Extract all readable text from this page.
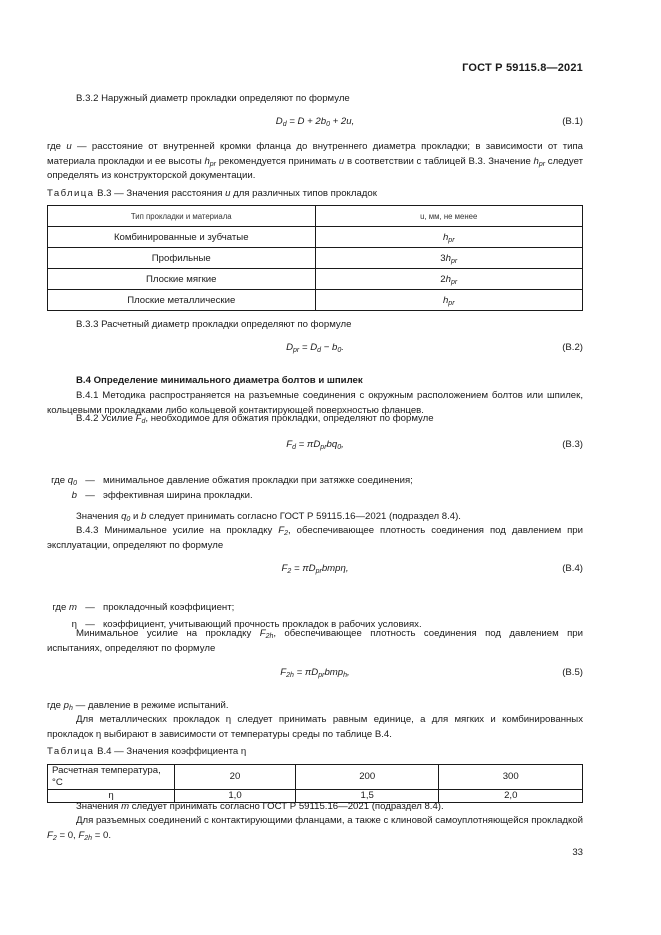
ГОСТ Р 59115.8—2021
В.3.2 Наружный диаметр прокладки определяют по формуле
$D_d = D + 2b_0 + 2u$,	(В.1)
где u — расстояние от внутренней кромки фланца до внутреннего диаметра прокладки; в зависимости от типа материала прокладки и ее высоты $h_{pr}$ рекомендуется принимать u в соответствии с таблицей В.3. Значение $h_{pr}$ следует определять из конструкторской документации.
Таблица В.3 — Значения расстояния u для различных типов прокладок
Тип прокладки и материала	u, мм, не менее
Комбинированные и зубчатые	$h_{pr}$
Профильные	$3h_{pr}$
Плоские мягкие	$2h_{pr}$
Плоские металлические	$h_{pr}$
В.3.3 Расчетный диаметр прокладки определяют по формуле
$D_{pr} = D_d - b_0$.	(В.2)
В.4 Определение минимального диаметра болтов и шпилек
В.4.1 Методика распространяется на разъемные соединения с окружным расположением болтов или шпилек, кольцевыми прокладками либо кольцевой контактирующей поверхностью фланцев.
В.4.2 Усилие $F_d$, необходимое для обжатия прокладки, определяют по формуле
$F_d = \pi D_{pr}bq_0$,	(В.3)
где $q_0$ — минимальное давление обжатия прокладки при затяжке соединения;
b — эффективная ширина прокладки.
Значения $q_0$ и b следует принимать согласно ГОСТ Р 59115.16—2021 (подраздел 8.4).
В.4.3 Минимальное усилие на прокладку $F_2$, обеспечивающее плотность соединения под давлением при эксплуатации, определяют по формуле
$F_2 = \pi D_{pr}bmp\eta$,	(В.4)
где m — прокладочный коэффициент;
η — коэффициент, учитывающий прочность прокладок в рабочих условиях.
Минимальное усилие на прокладку $F_{2h}$, обеспечивающее плотность соединения под давлением при испытаниях, определяют по формуле
$F_{2h} = \pi D_{pr}bmp_h$,	(В.5)
где $p_h$ — давление в режиме испытаний.
Для металлических прокладок η следует принимать равным единице, а для мягких и комбинированных прокладок η выбирают в зависимости от температуры среды по таблице В.4.
Таблица В.4 — Значения коэффициента η
Расчетная температура, °С	20	200	300
η	1,0	1,5	2,0
Значения m следует принимать согласно ГОСТ Р 59115.16—2021 (подраздел 8.4).
Для разъемных соединений с контактирующими фланцами, а также с клиновой самоуплотняющейся прокладкой $F_2 = 0$, $F_{2h} = 0$.
33
